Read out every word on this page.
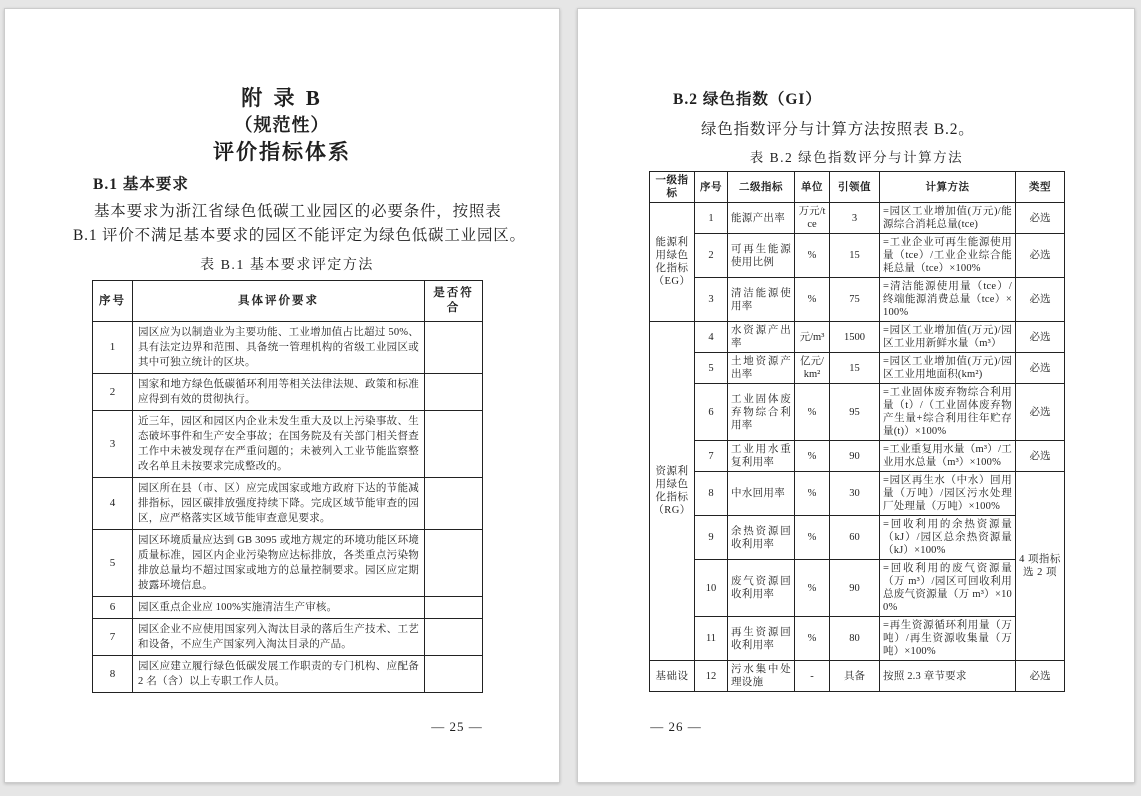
附 录 B
（规范性）
评价指标体系
B.1 基本要求
基本要求为浙江省绿色低碳工业园区的必要条件，按照表
B.1 评价不满足基本要求的园区不能评定为绿色低碳工业园区。
表 B.1 基本要求评定方法
序号	具体评价要求	是否符合
1	园区应为以制造业为主要功能、工业增加值占比超过 50%、具有法定边界和范围、具备统一管理机构的省级工业园区或其中可独立统计的区块。	
2	国家和地方绿色低碳循环利用等相关法律法规、政策和标准应得到有效的贯彻执行。	
3	近三年，园区和园区内企业未发生重大及以上污染事故、生态破坏事件和生产安全事故；在国务院及有关部门相关督查工作中未被发现存在严重问题的；未被列入工业节能监察整改名单且未按要求完成整改的。	
4	园区所在县（市、区）应完成国家或地方政府下达的节能减排指标，园区碳排放强度持续下降。完成区域节能审查的园区，应严格落实区域节能审查意见要求。	
5	园区环境质量应达到 GB 3095 或地方规定的环境功能区环境质量标准，园区内企业污染物应达标排放，各类重点污染物排放总量均不超过国家或地方的总量控制要求。园区应定期披露环境信息。	
6	园区重点企业应 100%实施清洁生产审核。	
7	园区企业不应使用国家列入淘汰目录的落后生产技术、工艺和设备，不应生产国家列入淘汰目录的产品。	
8	园区应建立履行绿色低碳发展工作职责的专门机构、应配备 2 名（含）以上专职工作人员。	
— 25 —
B.2 绿色指数（GI）
绿色指数评分与计算方法按照表 B.2。
表 B.2 绿色指数评分与计算方法
一级指标	序号	二级指标	单位	引领值	计算方法	类型
能源利用绿色化指标（EG）	1	能源产出率	万元/tce	3	=园区工业增加值(万元)/能源综合消耗总量(tce)	必选
	2	可再生能源使用比例	%	15	=工业企业可再生能源使用量（tce）/工业企业综合能耗总量（tce）×100%	必选
	3	清洁能源使用率	%	75	=清洁能源使用量（tce）/终端能源消费总量（tce）×100%	必选
资源利用绿色化指标（RG）	4	水资源产出率	元/m³	1500	=园区工业增加值(万元)/园区工业用新鲜水量（m³）	必选
	5	土地资源产出率	亿元/km²	15	=园区工业增加值(万元)/园区工业用地面积(km²)	必选
	6	工业固体废弃物综合利用率	%	95	=工业固体废弃物综合利用量（t）/（工业固体废弃物产生量+综合利用往年贮存量(t)）×100%	必选
	7	工业用水重复利用率	%	90	=工业重复用水量（m³）/工业用水总量（m³）×100%	必选
	8	中水回用率	%	30	=园区再生水（中水）回用量（万吨）/园区污水处理厂处理量（万吨）×100%	4 项指标选 2 项
	9	余热资源回收利用率	%	60	=回收利用的余热资源量（kJ）/园区总余热资源量（kJ）×100%	
	10	废气资源回收利用率	%	90	=回收利用的废气资源量（万 m³）/园区可回收利用总废气资源量（万 m³）×100%	
	11	再生资源回收利用率	%	80	=再生资源循环利用量（万吨）/再生资源收集量（万吨）×100%	
基础设	12	污水集中处理设施	-	具备	按照 2.3 章节要求	必选
— 26 —
